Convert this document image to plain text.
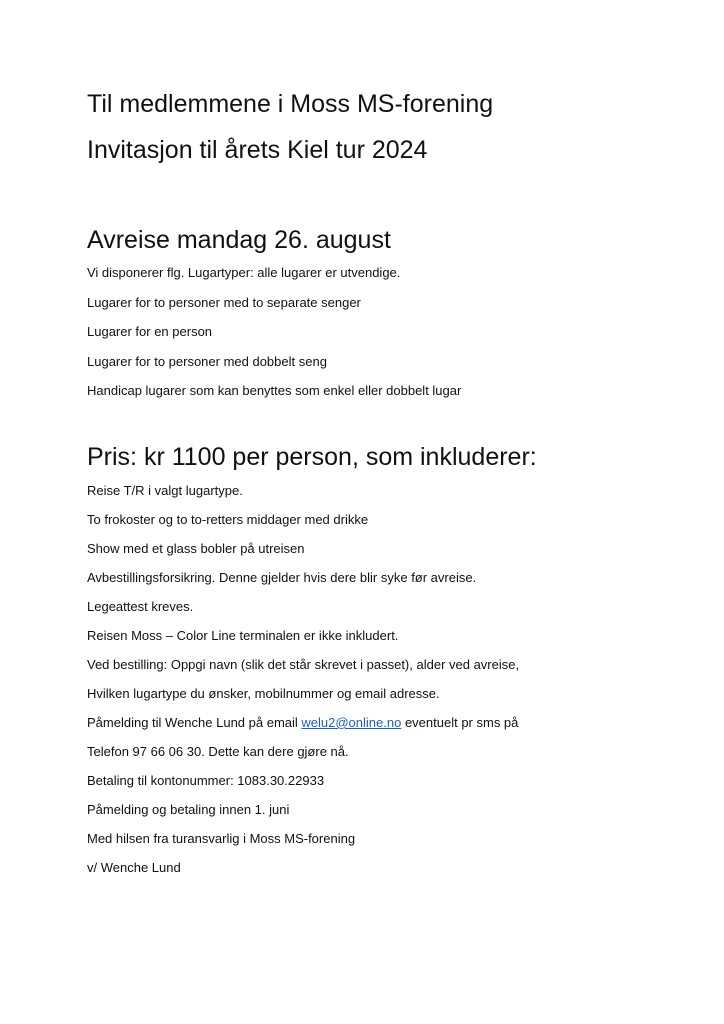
Til medlemmene i Moss MS-forening
Invitasjon til årets Kiel tur 2024
Avreise mandag 26. august
Vi disponerer flg. Lugartyper: alle lugarer er utvendige.
Lugarer for to personer med to separate senger
Lugarer for en person
Lugarer for to personer med dobbelt seng
Handicap lugarer som kan benyttes som enkel eller dobbelt lugar
Pris: kr 1100 per person, som inkluderer:
Reise T/R i valgt lugartype.
To frokoster og to to-retters middager med drikke
Show med et glass bobler på utreisen
Avbestillingsforsikring. Denne gjelder hvis dere blir syke før avreise.
Legeattest kreves.
Reisen Moss – Color Line terminalen er ikke inkludert.
Ved bestilling: Oppgi navn (slik det står skrevet i passet), alder ved avreise,
Hvilken lugartype du ønsker, mobilnummer og email adresse.
Påmelding til Wenche Lund på email welu2@online.no eventuelt pr sms på
Telefon 97 66 06 30. Dette kan dere gjøre nå.
Betaling til kontonummer: 1083.30.22933
Påmelding og betaling innen 1. juni
Med hilsen fra turansvarlig i Moss MS-forening
v/ Wenche Lund
